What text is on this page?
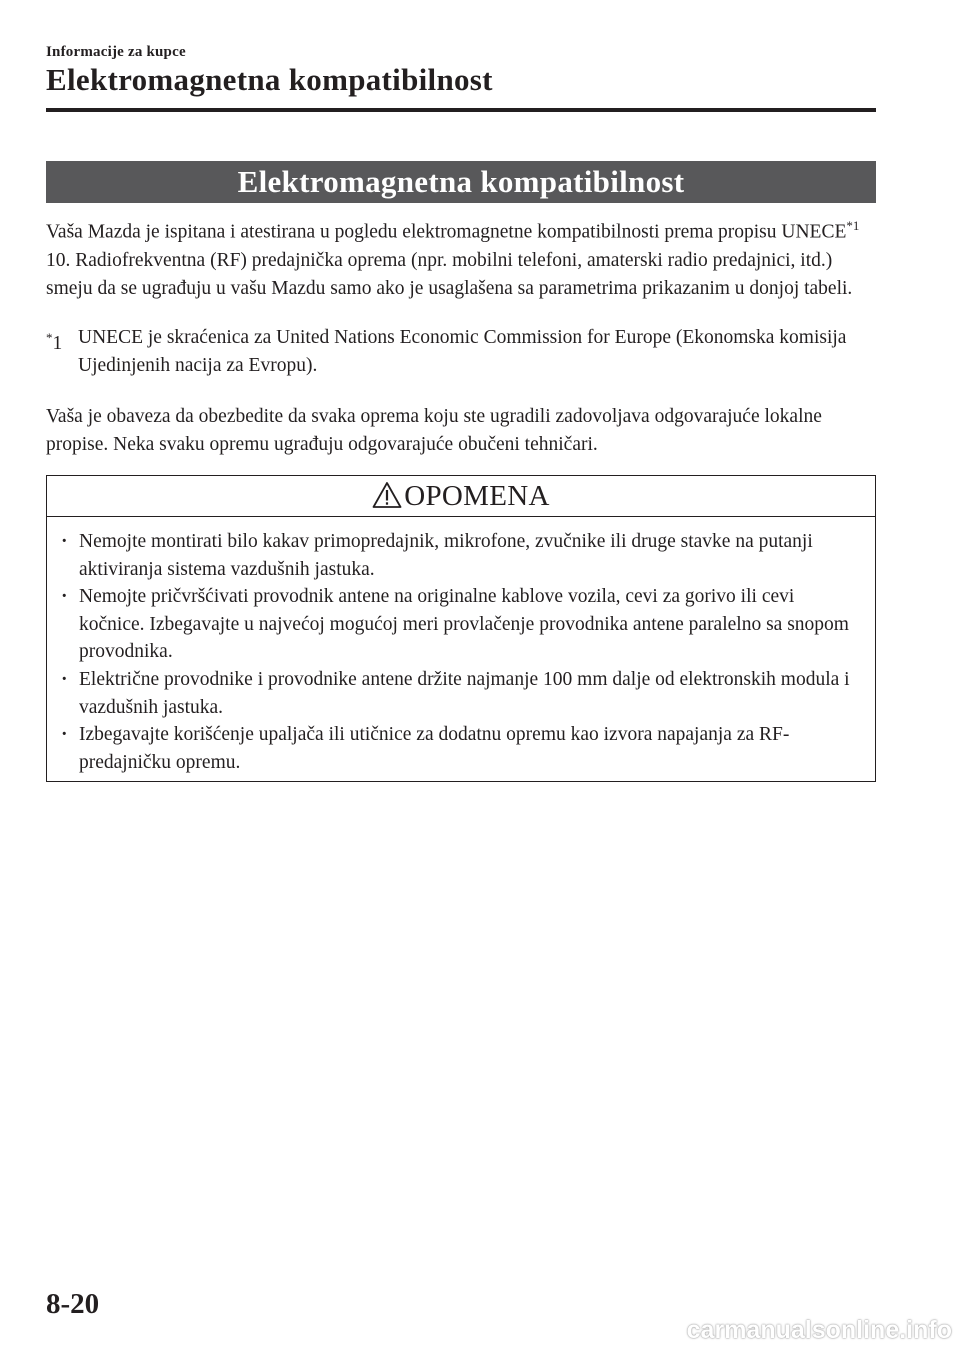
Informacije za kupce
Elektromagnetna kompatibilnost
Elektromagnetna kompatibilnost
Vaša Mazda je ispitana i atestirana u pogledu elektromagnetne kompatibilnosti prema propisu UNECE$^{*1}$ 10. Radiofrekventna (RF) predajnička oprema (npr. mobilni telefoni, amaterski radio predajnici, itd.) smeju da se ugrađuju u vašu Mazdu samo ako je usaglašena sa parametrima prikazanim u donjoj tabeli.
*1 UNECE je skraćenica za United Nations Economic Commission for Europe (Ekonomska komisija Ujedinjenih nacija za Evropu).
Vaša je obaveza da obezbedite da svaka oprema koju ste ugradili zadovoljava odgovarajuće lokalne propise. Neka svaku opremu ugrađuju odgovarajuće obučeni tehničari.
OPOMENA
· Nemojte montirati bilo kakav primopredajnik, mikrofone, zvučnike ili druge stavke na putanji aktiviranja sistema vazdušnih jastuka.
· Nemojte pričvršćivati provodnik antene na originalne kablove vozila, cevi za gorivo ili cevi kočnice. Izbegavajte u najvećoj mogućoj meri provlačenje provodnika antene paralelno sa snopom provodnika.
· Električne provodnike i provodnike antene držite najmanje 100 mm dalje od elektronskih modula i vazdušnih jastuka.
· Izbegavajte korišćenje upaljača ili utičnice za dodatnu opremu kao izvora napajanja za RF-predajničku opremu.
8-20
carmanualsonline.info
